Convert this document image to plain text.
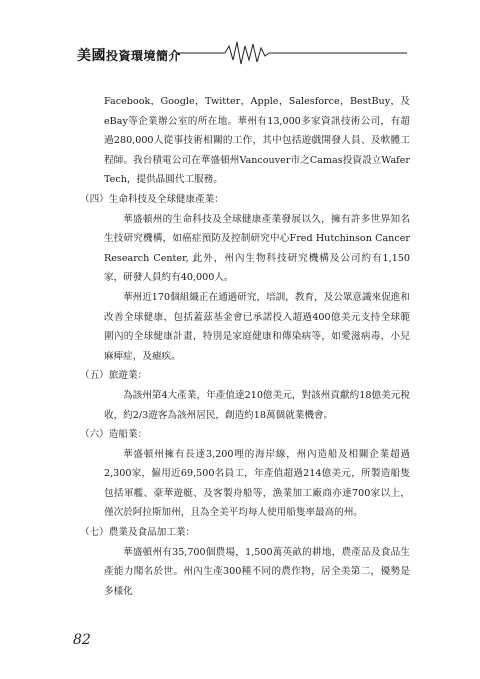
美國投資環境簡介

Facebook，Google，Twitter，Apple，Salesforce，BestBuy，及eBay等企業辦公室的所在地。華州有13,000多家資訊技術公司，有超過280,000人從事技術相關的工作，其中包括遊戲開發人員、及軟體工程師。我台積電公司在華盛頓州Vancouver市之Camas投資設立Wafer Tech，提供晶圓代工服務。

（四）生命科技及全球健康產業：

華盛頓州的生命科技及全球健康產業發展以久，擁有許多世界知名生技研究機構，如癌症預防及控制研究中心Fred Hutchinson Cancer Research Center, 此外，州內生物科技研究機構及公司約有1,150家，研發人員約有40,000人。

華州近170個組織正在通過研究，培訓，教育，及公眾意識來促進和改善全球健康，包括蓋茲基金會已承諾投入超過400億美元支持全球範圍內的全球健康計畫，特別是家庭健康和傳染病等，如愛滋病毒，小兒麻痺症，及瘧疾。

（五）旅遊業：

為該州第4大產業，年產值達210億美元，對該州貢獻約18億美元稅收，約2/3遊客為該州居民，創造約18萬個就業機會。

（六）造船業：

華盛頓州擁有長達3,200哩的海岸線，州內造船及相關企業超過2,300家，僱用近69,500名員工，年產值超過214億美元，所製造船隻包括軍艦、豪華遊艇、及客製舟船等，漁業加工廠商亦達700家以上，僅次於阿拉斯加州，且為全美平均每人使用船隻率最高的州。

（七）農業及食品加工業：

華盛頓州有35,700個農場，1,500萬英畝的耕地，農產品及食品生產能力聞名於世。州內生產300種不同的農作物，居全美第二，優勢是多樣化

82
